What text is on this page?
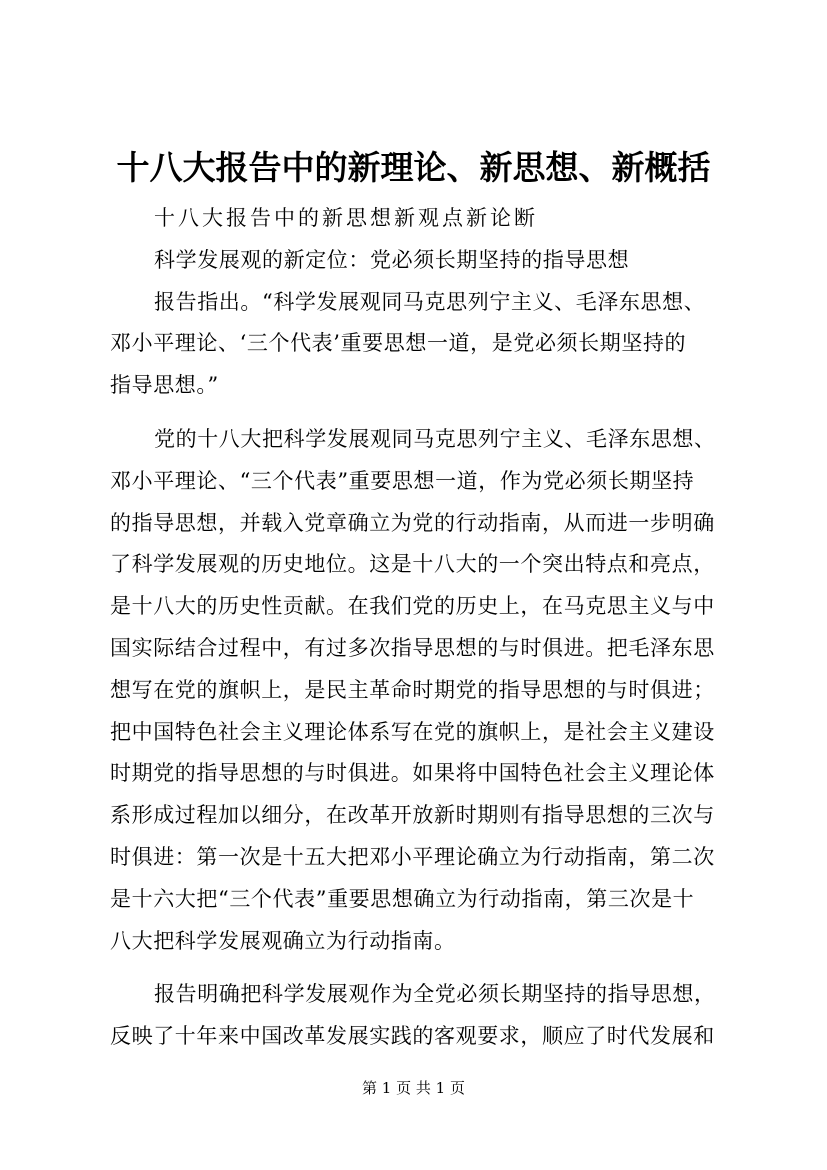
十八大报告中的新理论、新思想、新概括

十八大报告中的新思想新观点新论断

科学发展观的新定位：党必须长期坚持的指导思想

报告指出。“科学发展观同马克思列宁主义、毛泽东思想、
邓小平理论、‘三个代表’重要思想一道，是党必须长期坚持的
指导思想。”

党的十八大把科学发展观同马克思列宁主义、毛泽东思想、
邓小平理论、“三个代表”重要思想一道，作为党必须长期坚持
的指导思想，并载入党章确立为党的行动指南，从而进一步明确
了科学发展观的历史地位。这是十八大的一个突出特点和亮点，
是十八大的历史性贡献。在我们党的历史上，在马克思主义与中
国实际结合过程中，有过多次指导思想的与时俱进。把毛泽东思
想写在党的旗帜上，是民主革命时期党的指导思想的与时俱进；
把中国特色社会主义理论体系写在党的旗帜上，是社会主义建设
时期党的指导思想的与时俱进。如果将中国特色社会主义理论体
系形成过程加以细分，在改革开放新时期则有指导思想的三次与
时俱进：第一次是十五大把邓小平理论确立为行动指南，第二次
是十六大把“三个代表”重要思想确立为行动指南，第三次是十
八大把科学发展观确立为行动指南。

报告明确把科学发展观作为全党必须长期坚持的指导思想，
反映了十年来中国改革发展实践的客观要求，顺应了时代发展和

第 1 页 共 1 页
